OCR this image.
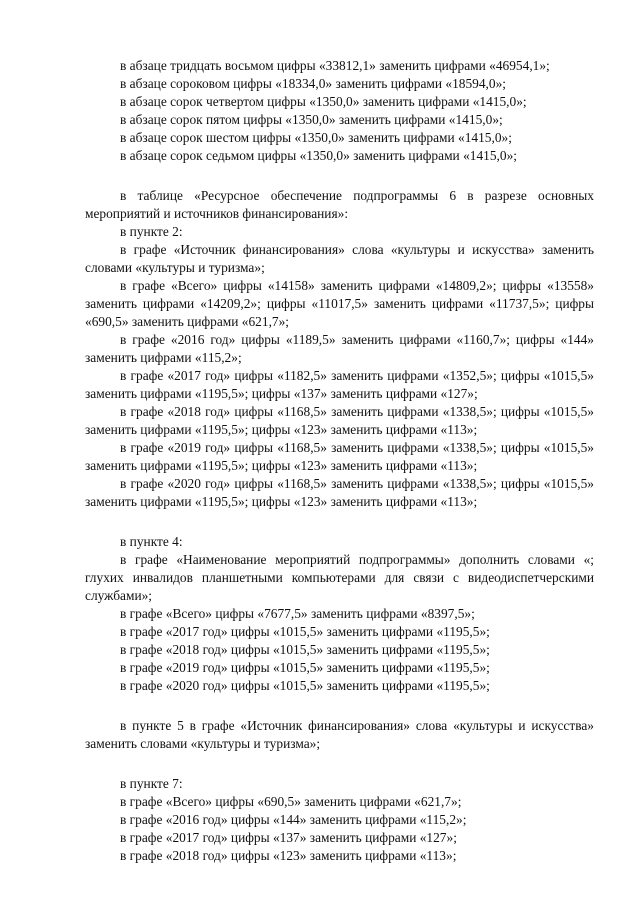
в абзаце тридцать восьмом цифры «33812,1» заменить цифрами «46954,1»;

в абзаце сороковом цифры «18334,0» заменить цифрами «18594,0»;

в абзаце сорок четвертом цифры «1350,0» заменить цифрами «1415,0»;

в абзаце сорок пятом цифры «1350,0» заменить цифрами «1415,0»;

в абзаце сорок шестом цифры «1350,0» заменить цифрами «1415,0»;

в абзаце сорок седьмом цифры «1350,0» заменить цифрами «1415,0»;

в таблице «Ресурсное обеспечение подпрограммы 6 в разрезе основных мероприятий и источников финансирования»:

в пункте 2:

в графе «Источник финансирования» слова «культуры и искусства» заменить словами «культуры и туризма»;

в графе «Всего» цифры «14158» заменить цифрами «14809,2»; цифры «13558» заменить цифрами «14209,2»; цифры «11017,5» заменить цифрами «11737,5»; цифры «690,5» заменить цифрами «621,7»;

в графе «2016 год» цифры «1189,5» заменить цифрами «1160,7»; цифры «144» заменить цифрами «115,2»;

в графе «2017 год» цифры «1182,5» заменить цифрами «1352,5»; цифры «1015,5» заменить цифрами «1195,5»; цифры «137» заменить цифрами «127»;

в графе «2018 год» цифры «1168,5» заменить цифрами «1338,5»; цифры «1015,5» заменить цифрами «1195,5»; цифры «123» заменить цифрами «113»;

в графе «2019 год» цифры «1168,5» заменить цифрами «1338,5»; цифры «1015,5» заменить цифрами «1195,5»; цифры «123» заменить цифрами «113»;

в графе «2020 год» цифры «1168,5» заменить цифрами «1338,5»; цифры «1015,5» заменить цифрами «1195,5»; цифры «123» заменить цифрами «113»;

в пункте 4:

в графе «Наименование мероприятий подпрограммы» дополнить словами «; глухих инвалидов планшетными компьютерами для связи с видеодиспетчерскими службами»;

в графе «Всего» цифры «7677,5» заменить цифрами «8397,5»;

в графе «2017 год» цифры «1015,5» заменить цифрами «1195,5»;

в графе «2018 год» цифры «1015,5» заменить цифрами «1195,5»;

в графе «2019 год» цифры «1015,5» заменить цифрами «1195,5»;

в графе «2020 год» цифры «1015,5» заменить цифрами «1195,5»;

в пункте 5 в графе «Источник финансирования» слова «культуры и искусства» заменить словами «культуры и туризма»;

в пункте 7:

в графе «Всего» цифры «690,5» заменить цифрами «621,7»;

в графе «2016 год» цифры «144» заменить цифрами «115,2»;

в графе «2017 год» цифры «137» заменить цифрами «127»;

в графе «2018 год» цифры «123» заменить цифрами «113»;
